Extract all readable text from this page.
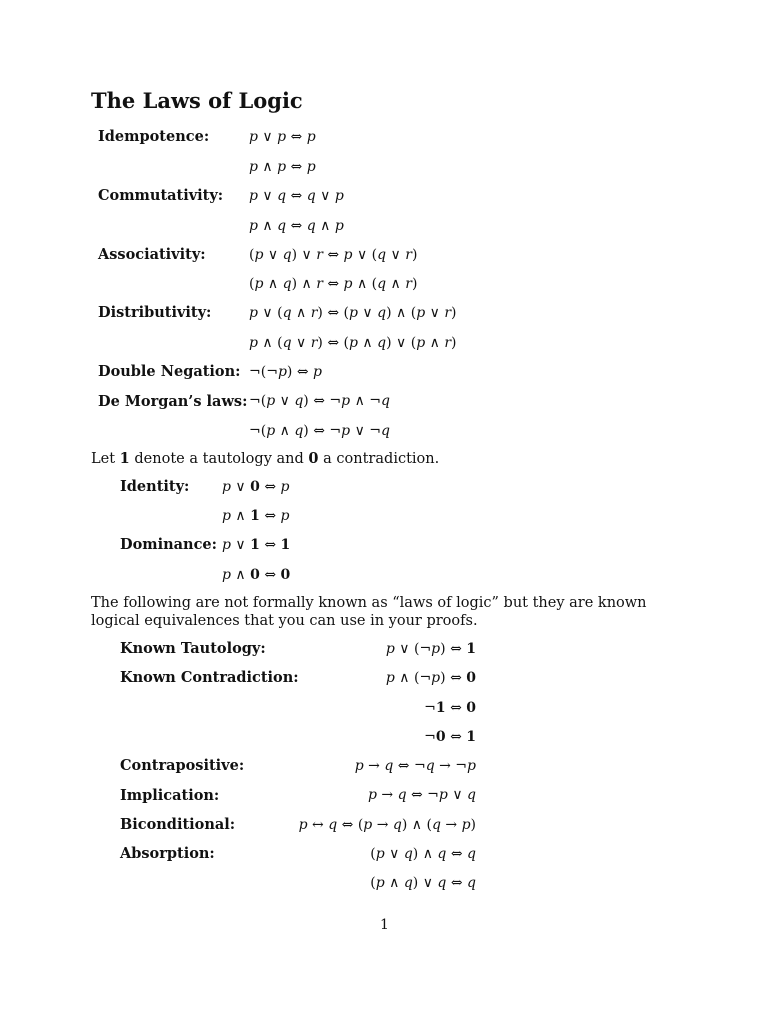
The Laws of Logic
Idempotence:	p ∨ p ⇔ p
p ∧ p ⇔ p
Commutativity: p ∨ q ⇔ q ∨ p
p ∧ q ⇔ q ∧ p
Associativity:	(p ∨ q) ∨ r ⇔ p ∨ (q ∨ r)
(p ∧ q) ∧ r ⇔ p ∧ (q ∧ r)
Distributivity:	p ∨ (q ∧ r) ⇔ (p ∨ q) ∧ (p ∨ r)
p ∧ (q ∨ r) ⇔ (p ∧ q) ∨ (p ∧ r)
Double Negation: ¬(¬p) ⇔ p
De Morgan’s laws: ¬(p ∨ q) ⇔ ¬p ∧ ¬q
¬(p ∧ q) ⇔ ¬p ∨ ¬q
Let 1 denote a tautology and 0 a contradiction.
Identity: p ∨ 0 ⇔ p
p ∧ 1 ⇔ p
Dominance: p ∨ 1 ⇔ 1
p ∧ 0 ⇔ 0
The following are not formally known as “laws of logic” but they are known logical equivalences that you can use in your proofs.
Known Tautology:	p ∨ (¬p) ⇔ 1
Known Contradiction:	p ∧ (¬p) ⇔ 0
¬1 ⇔ 0
¬0 ⇔ 1
Contrapositive:	p → q ⇔ ¬q → ¬p
Implication:	p → q ⇔ ¬p ∨ q
Biconditional:	p ↔ q ⇔ (p → q) ∧ (q → p)
Absorption:	(p ∨ q) ∧ q ⇔ q
(p ∧ q) ∨ q ⇔ q
1
